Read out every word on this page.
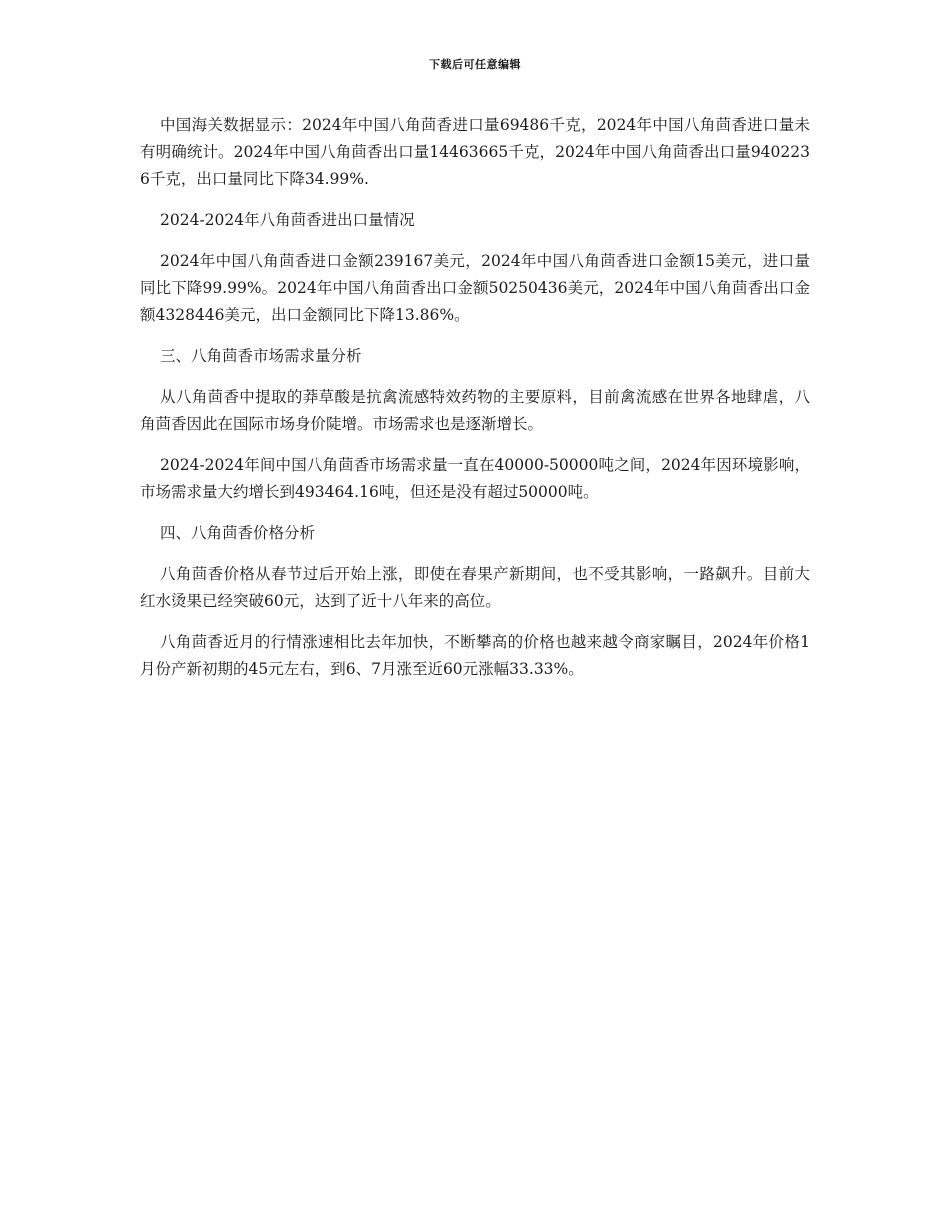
下载后可任意编辑

中国海关数据显示：2024年中国八角茴香进口量69486千克，2024年中国八角茴香进口量未有明确统计。2024年中国八角茴香出口量14463665千克，2024年中国八角茴香出口量9402236千克，出口量同比下降34.99%.

2024-2024年八角茴香进出口量情况

2024年中国八角茴香进口金额239167美元，2024年中国八角茴香进口金额15美元，进口量同比下降99.99%。2024年中国八角茴香出口金额50250436美元，2024年中国八角茴香出口金额4328446美元，出口金额同比下降13.86%。

三、八角茴香市场需求量分析

从八角茴香中提取的莽草酸是抗禽流感特效药物的主要原料，目前禽流感在世界各地肆虐，八角茴香因此在国际市场身价陡增。市场需求也是逐渐增长。

2024-2024年间中国八角茴香市场需求量一直在40000-50000吨之间，2024年因环境影响，市场需求量大约增长到493464.16吨，但还是没有超过50000吨。

四、八角茴香价格分析

八角茴香价格从春节过后开始上涨，即使在春果产新期间，也不受其影响，一路飙升。目前大红水烫果已经突破60元，达到了近十八年来的高位。

八角茴香近月的行情涨速相比去年加快，不断攀高的价格也越来越令商家瞩目，2024年价格1月份产新初期的45元左右，到6、7月涨至近60元涨幅33.33%。
